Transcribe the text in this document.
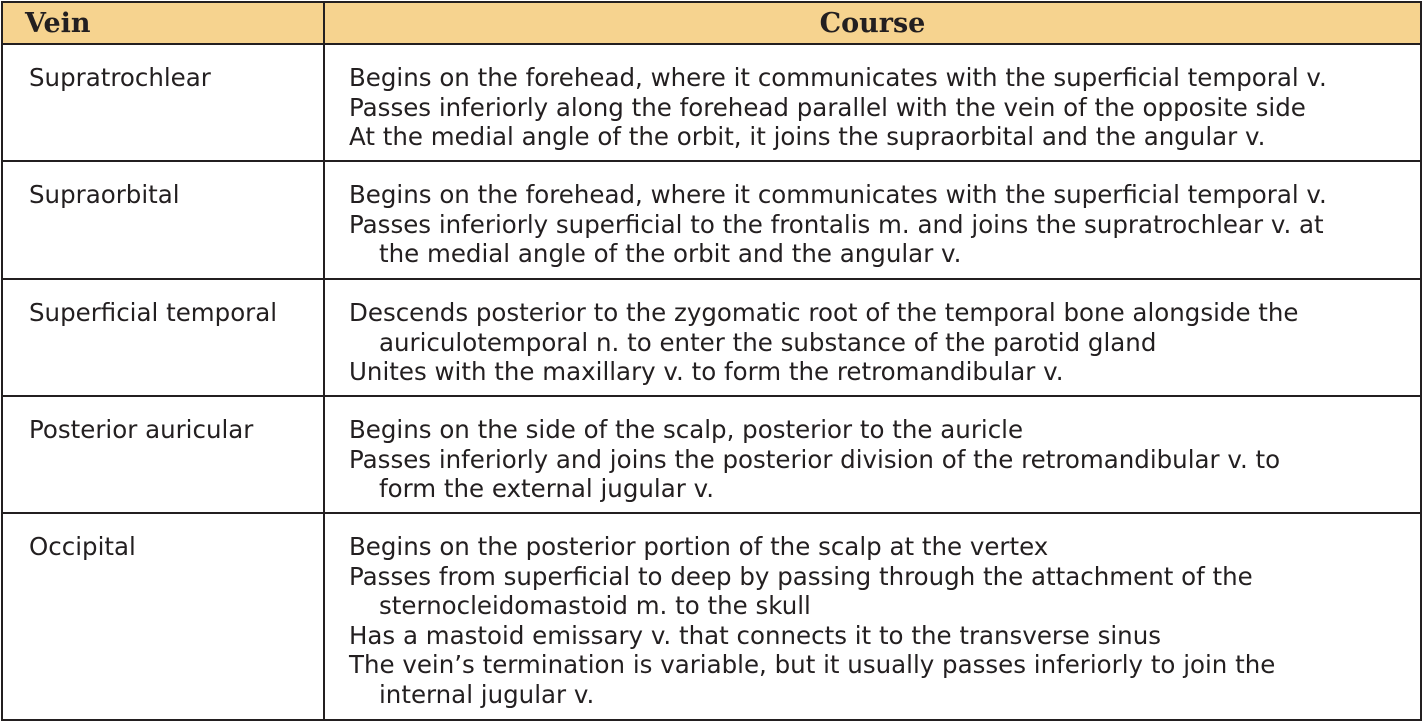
Vein	Course
Supratrochlear	Begins on the forehead, where it communicates with the superficial temporal v.
Passes inferiorly along the forehead parallel with the vein of the opposite side
At the medial angle of the orbit, it joins the supraorbital and the angular v.
Supraorbital	Begins on the forehead, where it communicates with the superficial temporal v.
Passes inferiorly superficial to the frontalis m. and joins the supratrochlear v. at
the medial angle of the orbit and the angular v.
Superficial temporal	Descends posterior to the zygomatic root of the temporal bone alongside the
auriculotemporal n. to enter the substance of the parotid gland
Unites with the maxillary v. to form the retromandibular v.
Posterior auricular	Begins on the side of the scalp, posterior to the auricle
Passes inferiorly and joins the posterior division of the retromandibular v. to
form the external jugular v.
Occipital	Begins on the posterior portion of the scalp at the vertex
Passes from superficial to deep by passing through the attachment of the
sternocleidomastoid m. to the skull
Has a mastoid emissary v. that connects it to the transverse sinus
The vein’s termination is variable, but it usually passes inferiorly to join the
internal jugular v.
